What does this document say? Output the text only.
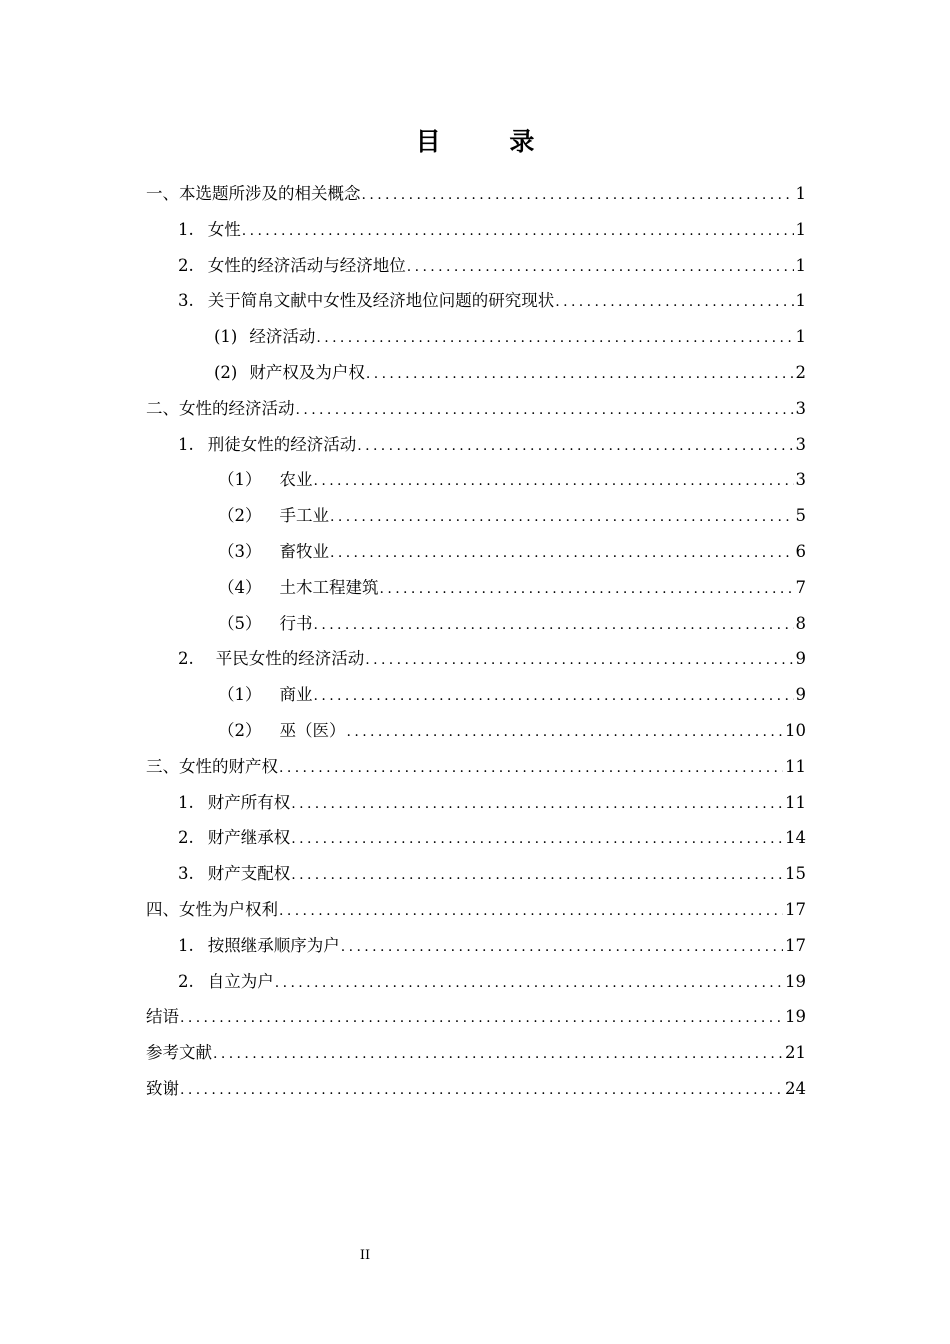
目 录
一、本选题所涉及的相关概念 .....	1
1. 女性 .....	1
2. 女性的经济活动与经济地位 .....	1
3. 关于简帛文献中女性及经济地位问题的研究现状 .....	1
(1) 经济活动 .....	1
(2) 财产权及为户权 .....	2
二、女性的经济活动 .....	3
1. 刑徒女性的经济活动 .....	3
（1） 农业 .....	3
（2） 手工业 .....	5
（3） 畜牧业 .....	6
（4） 土木工程建筑 .....	7
（5） 行书 .....	8
2. 平民女性的经济活动 .....	9
（1） 商业 .....	9
（2） 巫（医） .....	10
三、女性的财产权 .....	11
1. 财产所有权 .....	11
2. 财产继承权 .....	14
3. 财产支配权 .....	15
四、女性为户权利 .....	17
1. 按照继承顺序为户 .....	17
2. 自立为户 .....	19
结语 .....	19
参考文献 .....	21
致谢 .....	24
II
